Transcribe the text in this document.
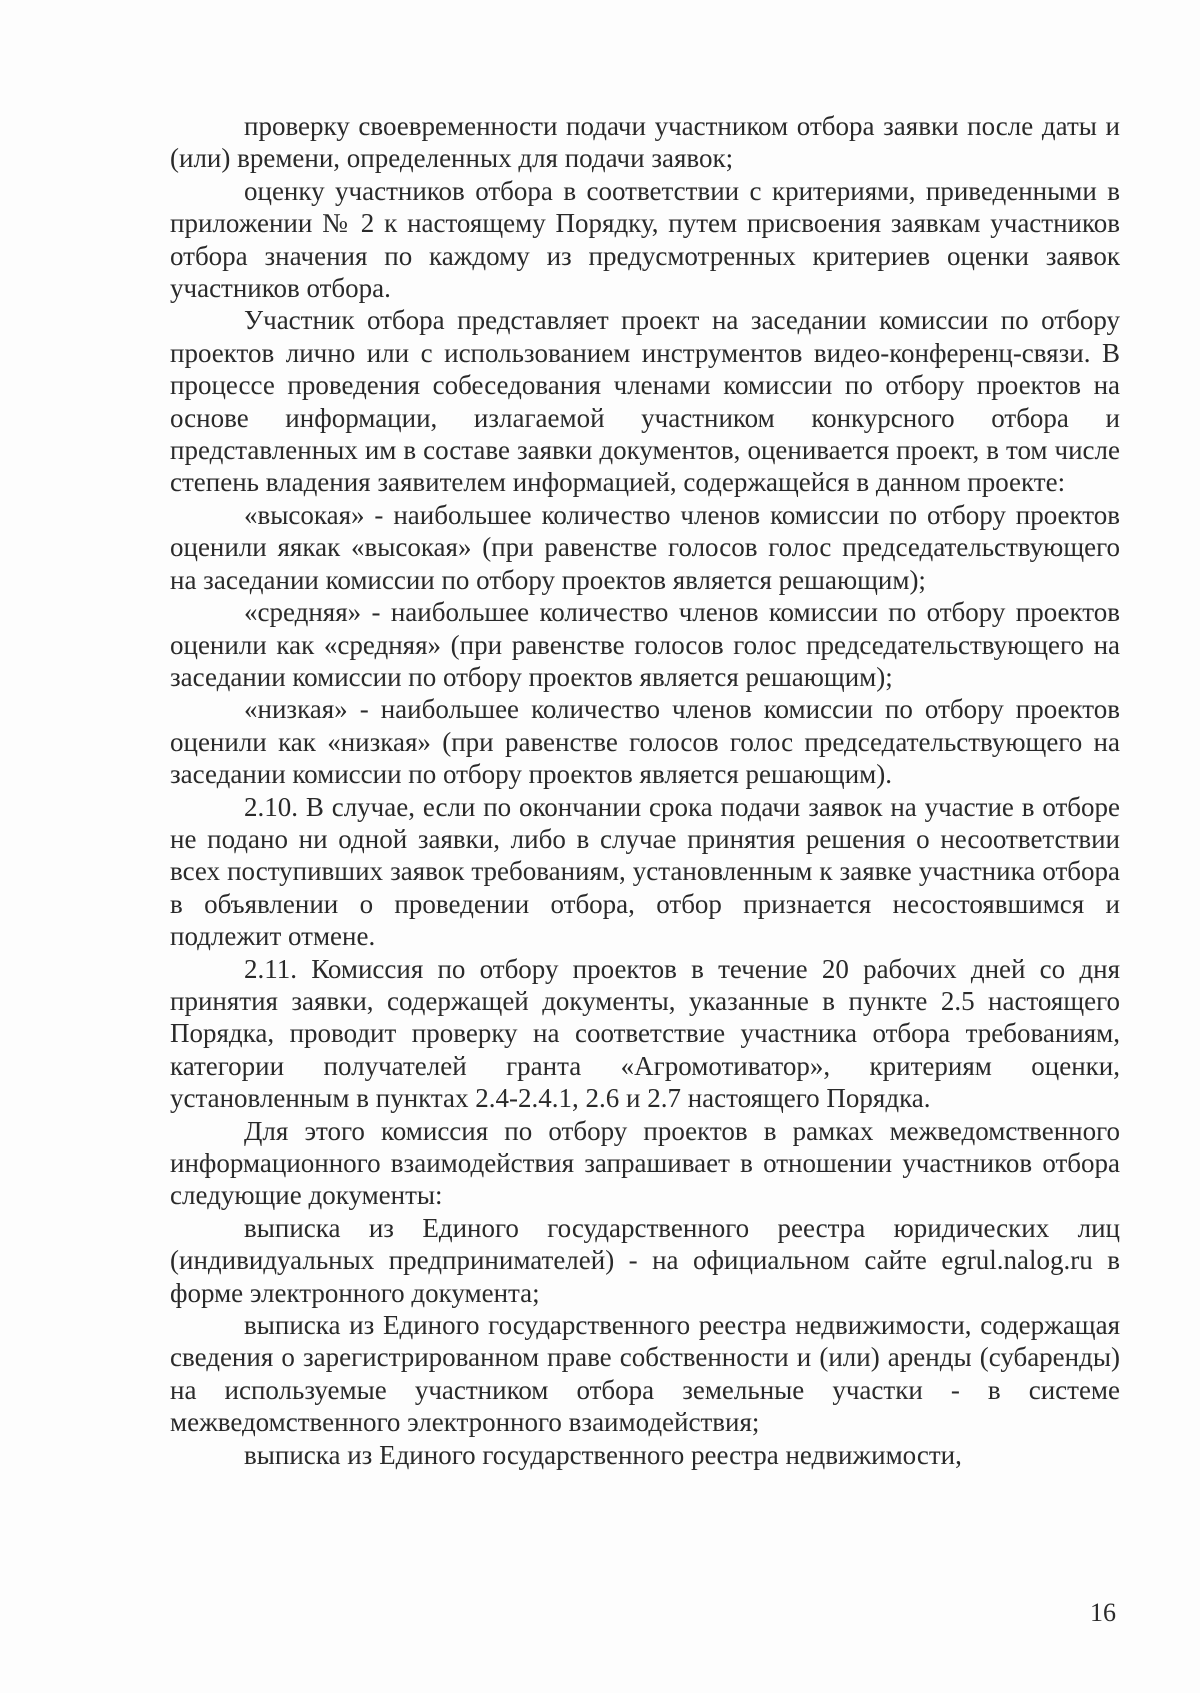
проверку своевременности подачи участником отбора заявки после даты и (или) времени, определенных для подачи заявок;

оценку участников отбора в соответствии с критериями, приведенными в приложении № 2 к настоящему Порядку, путем присвоения заявкам участников отбора значения по каждому из предусмотренных критериев оценки заявок участников отбора.

Участник отбора представляет проект на заседании комиссии по отбору проектов лично или с использованием инструментов видео-конференц-связи. В процессе проведения собеседования членами комиссии по отбору проектов на основе информации, излагаемой участником конкурсного отбора и представленных им в составе заявки документов, оценивается проект, в том числе степень владения заявителем информацией, содержащейся в данном проекте:

«высокая» - наибольшее количество членов комиссии по отбору проектов оценили яякак «высокая» (при равенстве голосов голос председательствующего на заседании комиссии по отбору проектов является решающим);

«средняя» - наибольшее количество членов комиссии по отбору проектов оценили как «средняя» (при равенстве голосов голос председательствующего на заседании комиссии по отбору проектов является решающим);

«низкая» - наибольшее количество членов комиссии по отбору проектов оценили как «низкая» (при равенстве голосов голос председательствующего на заседании комиссии по отбору проектов является решающим).

2.10. В случае, если по окончании срока подачи заявок на участие в отборе не подано ни одной заявки, либо в случае принятия решения о несоответствии всех поступивших заявок требованиям, установленным к заявке участника отбора в объявлении о проведении отбора, отбор признается несостоявшимся и подлежит отмене.

2.11. Комиссия по отбору проектов в течение 20 рабочих дней со дня принятия заявки, содержащей документы, указанные в пункте 2.5 настоящего Порядка, проводит проверку на соответствие участника отбора требованиям, категории получателей гранта «Агромотиватор», критериям оценки, установленным в пунктах 2.4-2.4.1, 2.6 и 2.7 настоящего Порядка.

Для этого комиссия по отбору проектов в рамках межведомственного информационного взаимодействия запрашивает в отношении участников отбора следующие документы:

выписка из Единого государственного реестра юридических лиц (индивидуальных предпринимателей) - на официальном сайте egrul.nalog.ru в форме электронного документа;

выписка из Единого государственного реестра недвижимости, содержащая сведения о зарегистрированном праве собственности и (или) аренды (субаренды) на используемые участником отбора земельные участки - в системе межведомственного электронного взаимодействия;

выписка из Единого государственного реестра недвижимости,

16
